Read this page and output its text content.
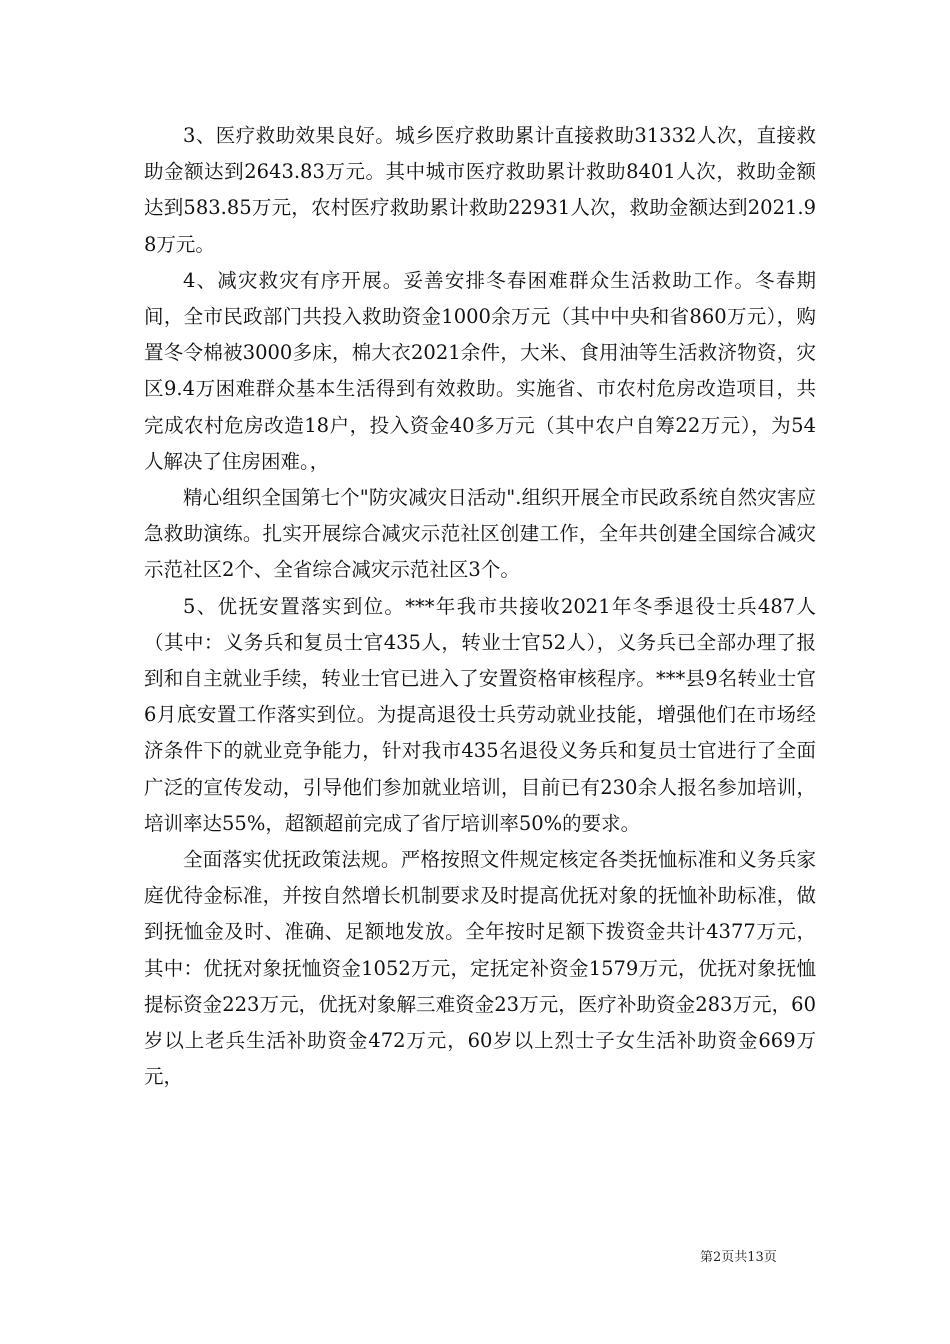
3、医疗救助效果良好。城乡医疗救助累计直接救助31332人次，直接救助金额达到2643.83万元。其中城市医疗救助累计救助8401人次，救助金额达到583.85万元，农村医疗救助累计救助22931人次，救助金额达到2021.98万元。

4、减灾救灾有序开展。妥善安排冬春困难群众生活救助工作。冬春期间，全市民政部门共投入救助资金1000余万元（其中中央和省860万元），购置冬令棉被3000多床，棉大衣2021余件，大米、食用油等生活救济物资，灾区9.4万困难群众基本生活得到有效救助。实施省、市农村危房改造项目，共完成农村危房改造18户，投入资金40多万元（其中农户自筹22万元），为54人解决了住房困难。，

精心组织全国第七个"防灾减灾日活动".组织开展全市民政系统自然灾害应急救助演练。扎实开展综合减灾示范社区创建工作，全年共创建全国综合减灾示范社区2个、全省综合减灾示范社区3个。

5、优抚安置落实到位。***年我市共接收2021年冬季退役士兵487人（其中：义务兵和复员士官435人，转业士官52人），义务兵已全部办理了报到和自主就业手续，转业士官已进入了安置资格审核程序。***县9名转业士官6月底安置工作落实到位。为提高退役士兵劳动就业技能，增强他们在市场经济条件下的就业竞争能力，针对我市435名退役义务兵和复员士官进行了全面广泛的宣传发动，引导他们参加就业培训，目前已有230余人报名参加培训，培训率达55%，超额超前完成了省厅培训率50%的要求。

全面落实优抚政策法规。严格按照文件规定核定各类抚恤标准和义务兵家庭优待金标准，并按自然增长机制要求及时提高优抚对象的抚恤补助标准，做到抚恤金及时、准确、足额地发放。全年按时足额下拨资金共计4377万元，其中：优抚对象抚恤资金1052万元，定抚定补资金1579万元，优抚对象抚恤提标资金223万元，优抚对象解三难资金23万元，医疗补助资金283万元，60岁以上老兵生活补助资金472万元，60岁以上烈士子女生活补助资金669万元，

第2页共13页
